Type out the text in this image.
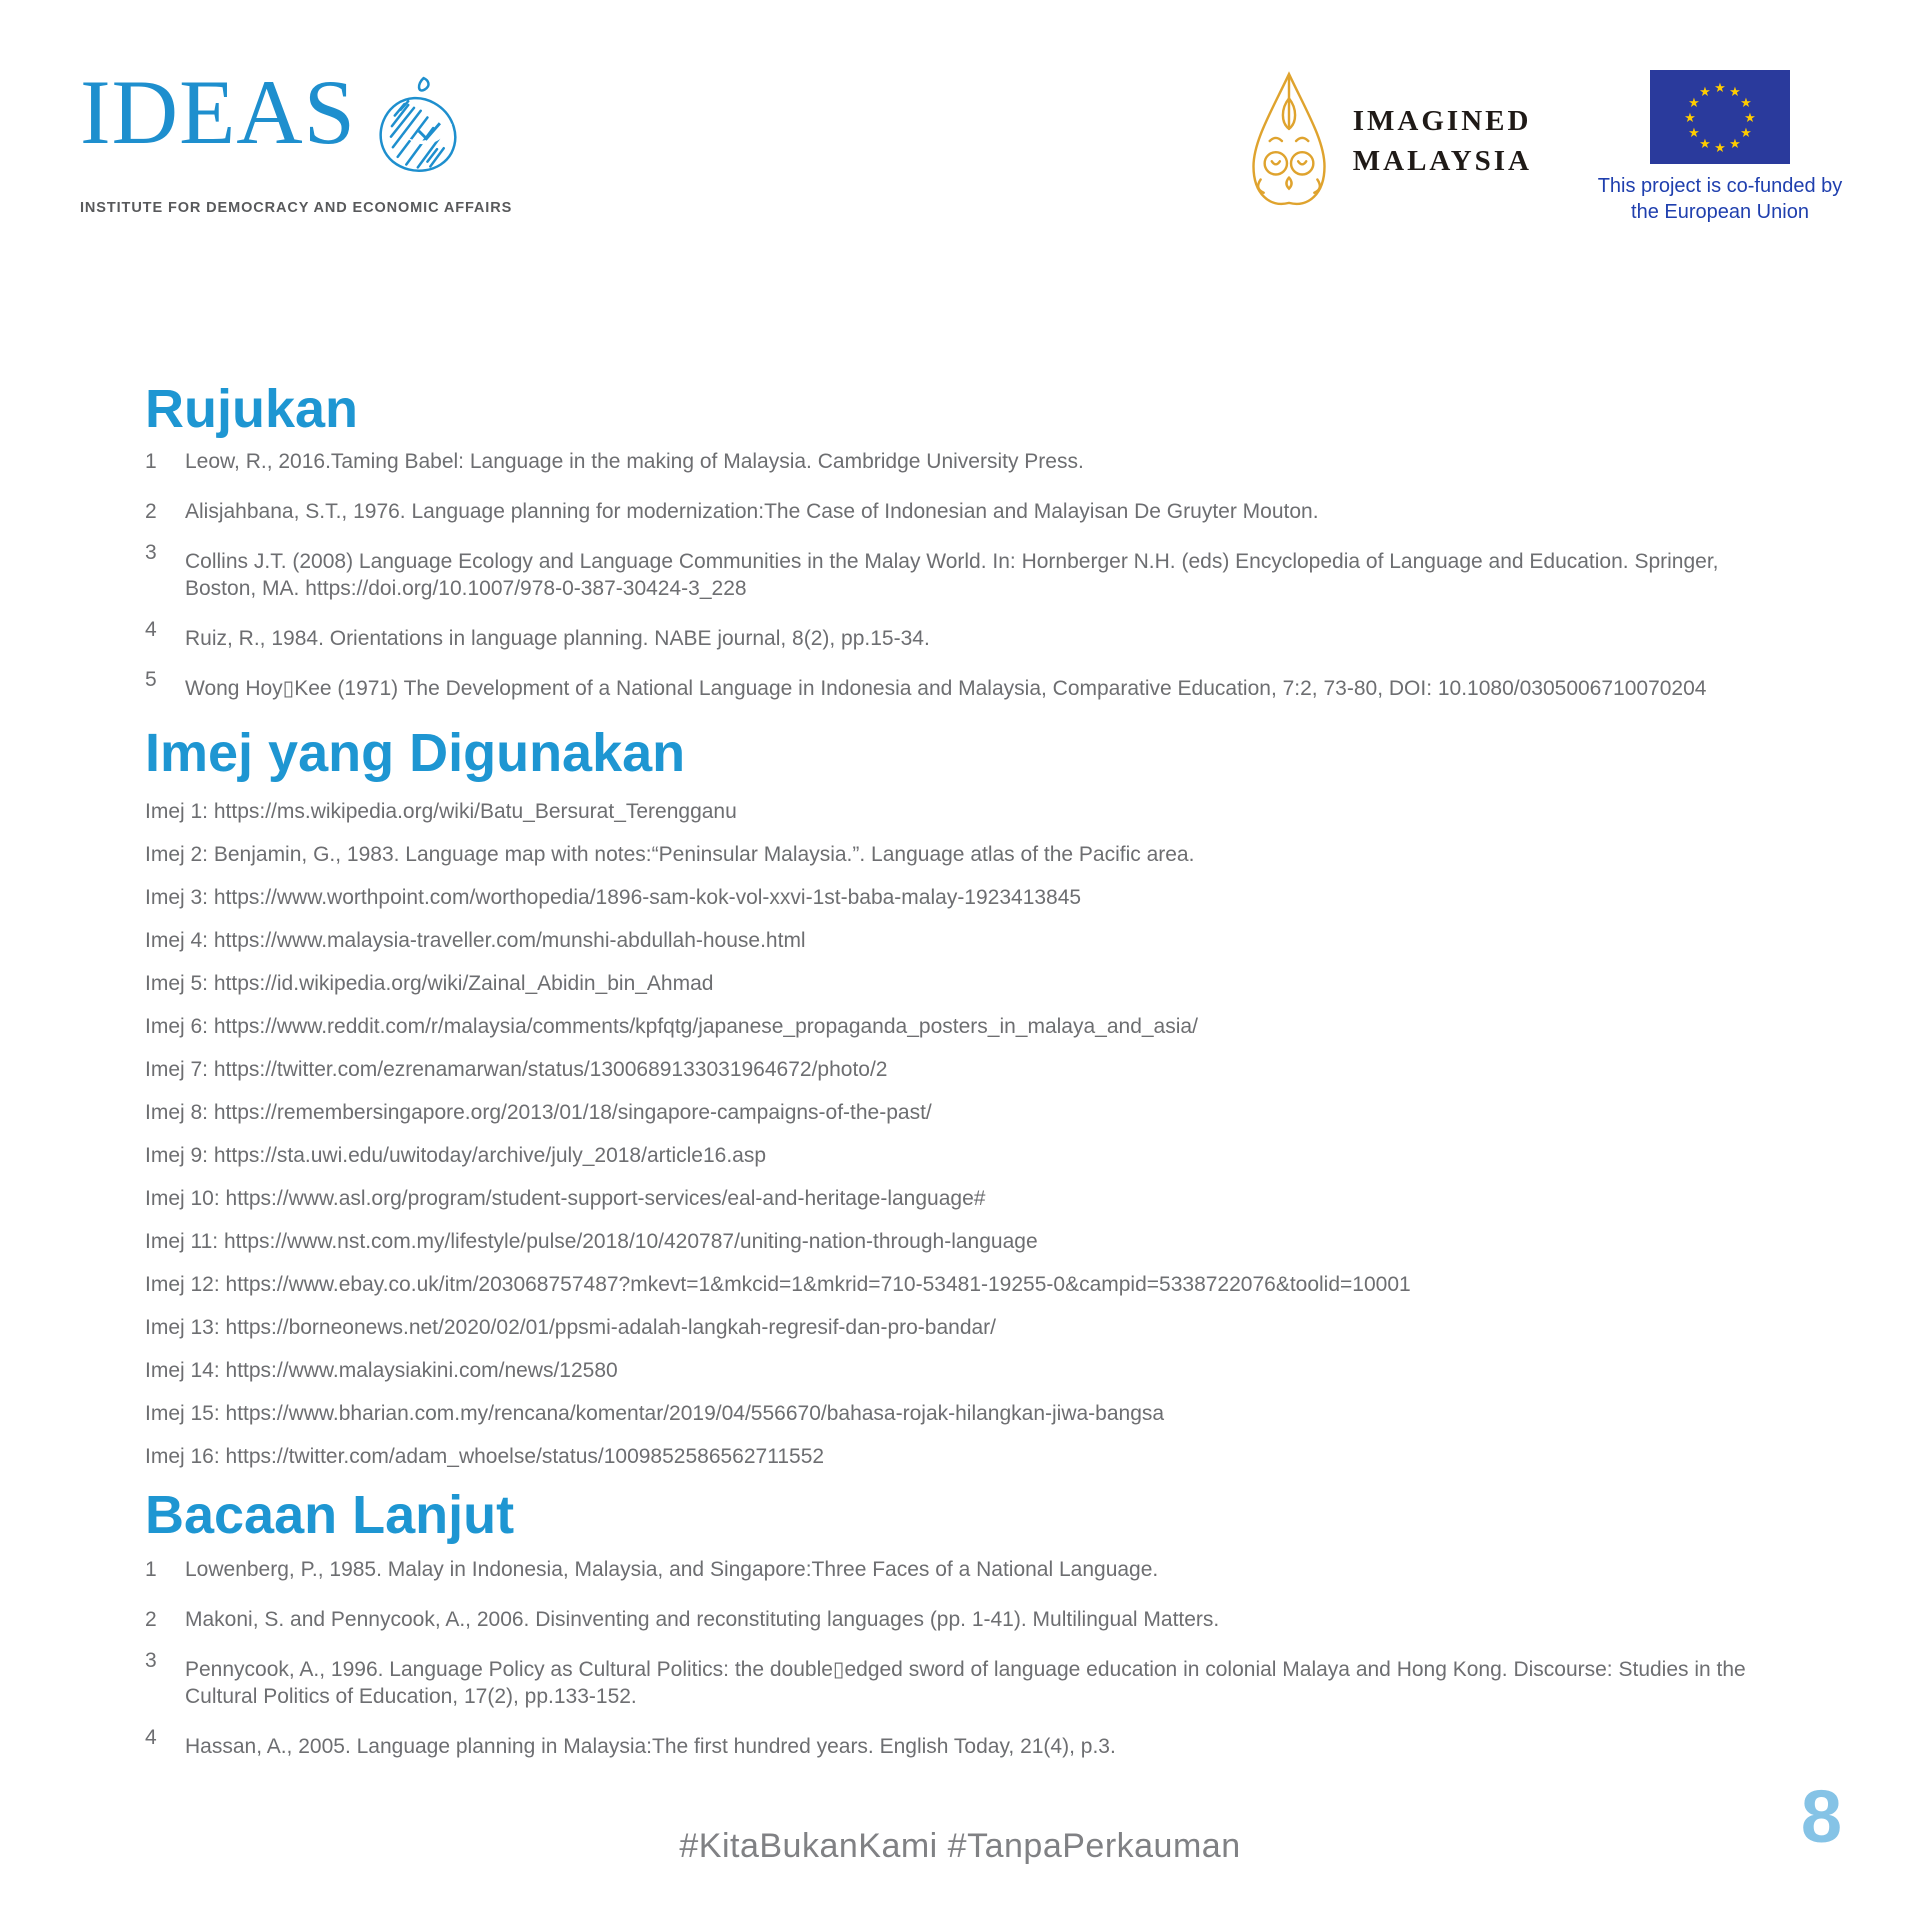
IDEAS
INSTITUTE FOR DEMOCRACY AND ECONOMIC AFFAIRS
IMAGINED
MALAYSIA
★ ★
★
★
★
★
★
★
★
★
★
★
This project is co-funded by
the European Union
Rujukan
1 Leow, R., 2016.Taming Babel: Language in the making of Malaysia. Cambridge University Press.
2 Alisjahbana, S.T., 1976. Language planning for modernization:The Case of Indonesian and Malayisan De Gruyter Mouton.
3 Collins J.T. (2008) Language Ecology and Language Communities in the Malay World. In: Hornberger N.H. (eds) Encyclopedia of Language and Education. Springer, Boston, MA. https://doi.org/10.1007/978-0-387-30424-3_228
4 Ruiz, R., 1984. Orientations in language planning. NABE journal, 8(2), pp.15-34.
5 Wong Hoy▯Kee (1971) The Development of a National Language in Indonesia and Malaysia, Comparative Education, 7:2, 73-80, DOI: 10.1080/0305006710070204
Imej yang Digunakan
Imej 1: https://ms.wikipedia.org/wiki/Batu_Bersurat_Terengganu
Imej 2: Benjamin, G., 1983. Language map with notes:“Peninsular Malaysia.”. Language atlas of the Pacific area.
Imej 3: https://www.worthpoint.com/worthopedia/1896-sam-kok-vol-xxvi-1st-baba-malay-1923413845
Imej 4: https://www.malaysia-traveller.com/munshi-abdullah-house.html
Imej 5: https://id.wikipedia.org/wiki/Zainal_Abidin_bin_Ahmad
Imej 6: https://www.reddit.com/r/malaysia/comments/kpfqtg/japanese_propaganda_posters_in_malaya_and_asia/
Imej 7: https://twitter.com/ezrenamarwan/status/1300689133031964672/photo/2
Imej 8: https://remembersingapore.org/2013/01/18/singapore-campaigns-of-the-past/
Imej 9: https://sta.uwi.edu/uwitoday/archive/july_2018/article16.asp
Imej 10: https://www.asl.org/program/student-support-services/eal-and-heritage-language#
Imej 11: https://www.nst.com.my/lifestyle/pulse/2018/10/420787/uniting-nation-through-language
Imej 12: https://www.ebay.co.uk/itm/203068757487?mkevt=1&mkcid=1&mkrid=710-53481-19255-0&campid=5338722076&toolid=10001
Imej 13: https://borneonews.net/2020/02/01/ppsmi-adalah-langkah-regresif-dan-pro-bandar/
Imej 14: https://www.malaysiakini.com/news/12580
Imej 15: https://www.bharian.com.my/rencana/komentar/2019/04/556670/bahasa-rojak-hilangkan-jiwa-bangsa
Imej 16: https://twitter.com/adam_whoelse/status/1009852586562711552
Bacaan Lanjut
1 Lowenberg, P., 1985. Malay in Indonesia, Malaysia, and Singapore:Three Faces of a National Language.
2 Makoni, S. and Pennycook, A., 2006. Disinventing and reconstituting languages (pp. 1-41). Multilingual Matters.
3 Pennycook, A., 1996. Language Policy as Cultural Politics: the double▯edged sword of language education in colonial Malaya and Hong Kong. Discourse: Studies in the Cultural Politics of Education, 17(2), pp.133-152.
4 Hassan, A., 2005. Language planning in Malaysia:The first hundred years. English Today, 21(4), p.3.
#KitaBukanKami #TanpaPerkauman	8
